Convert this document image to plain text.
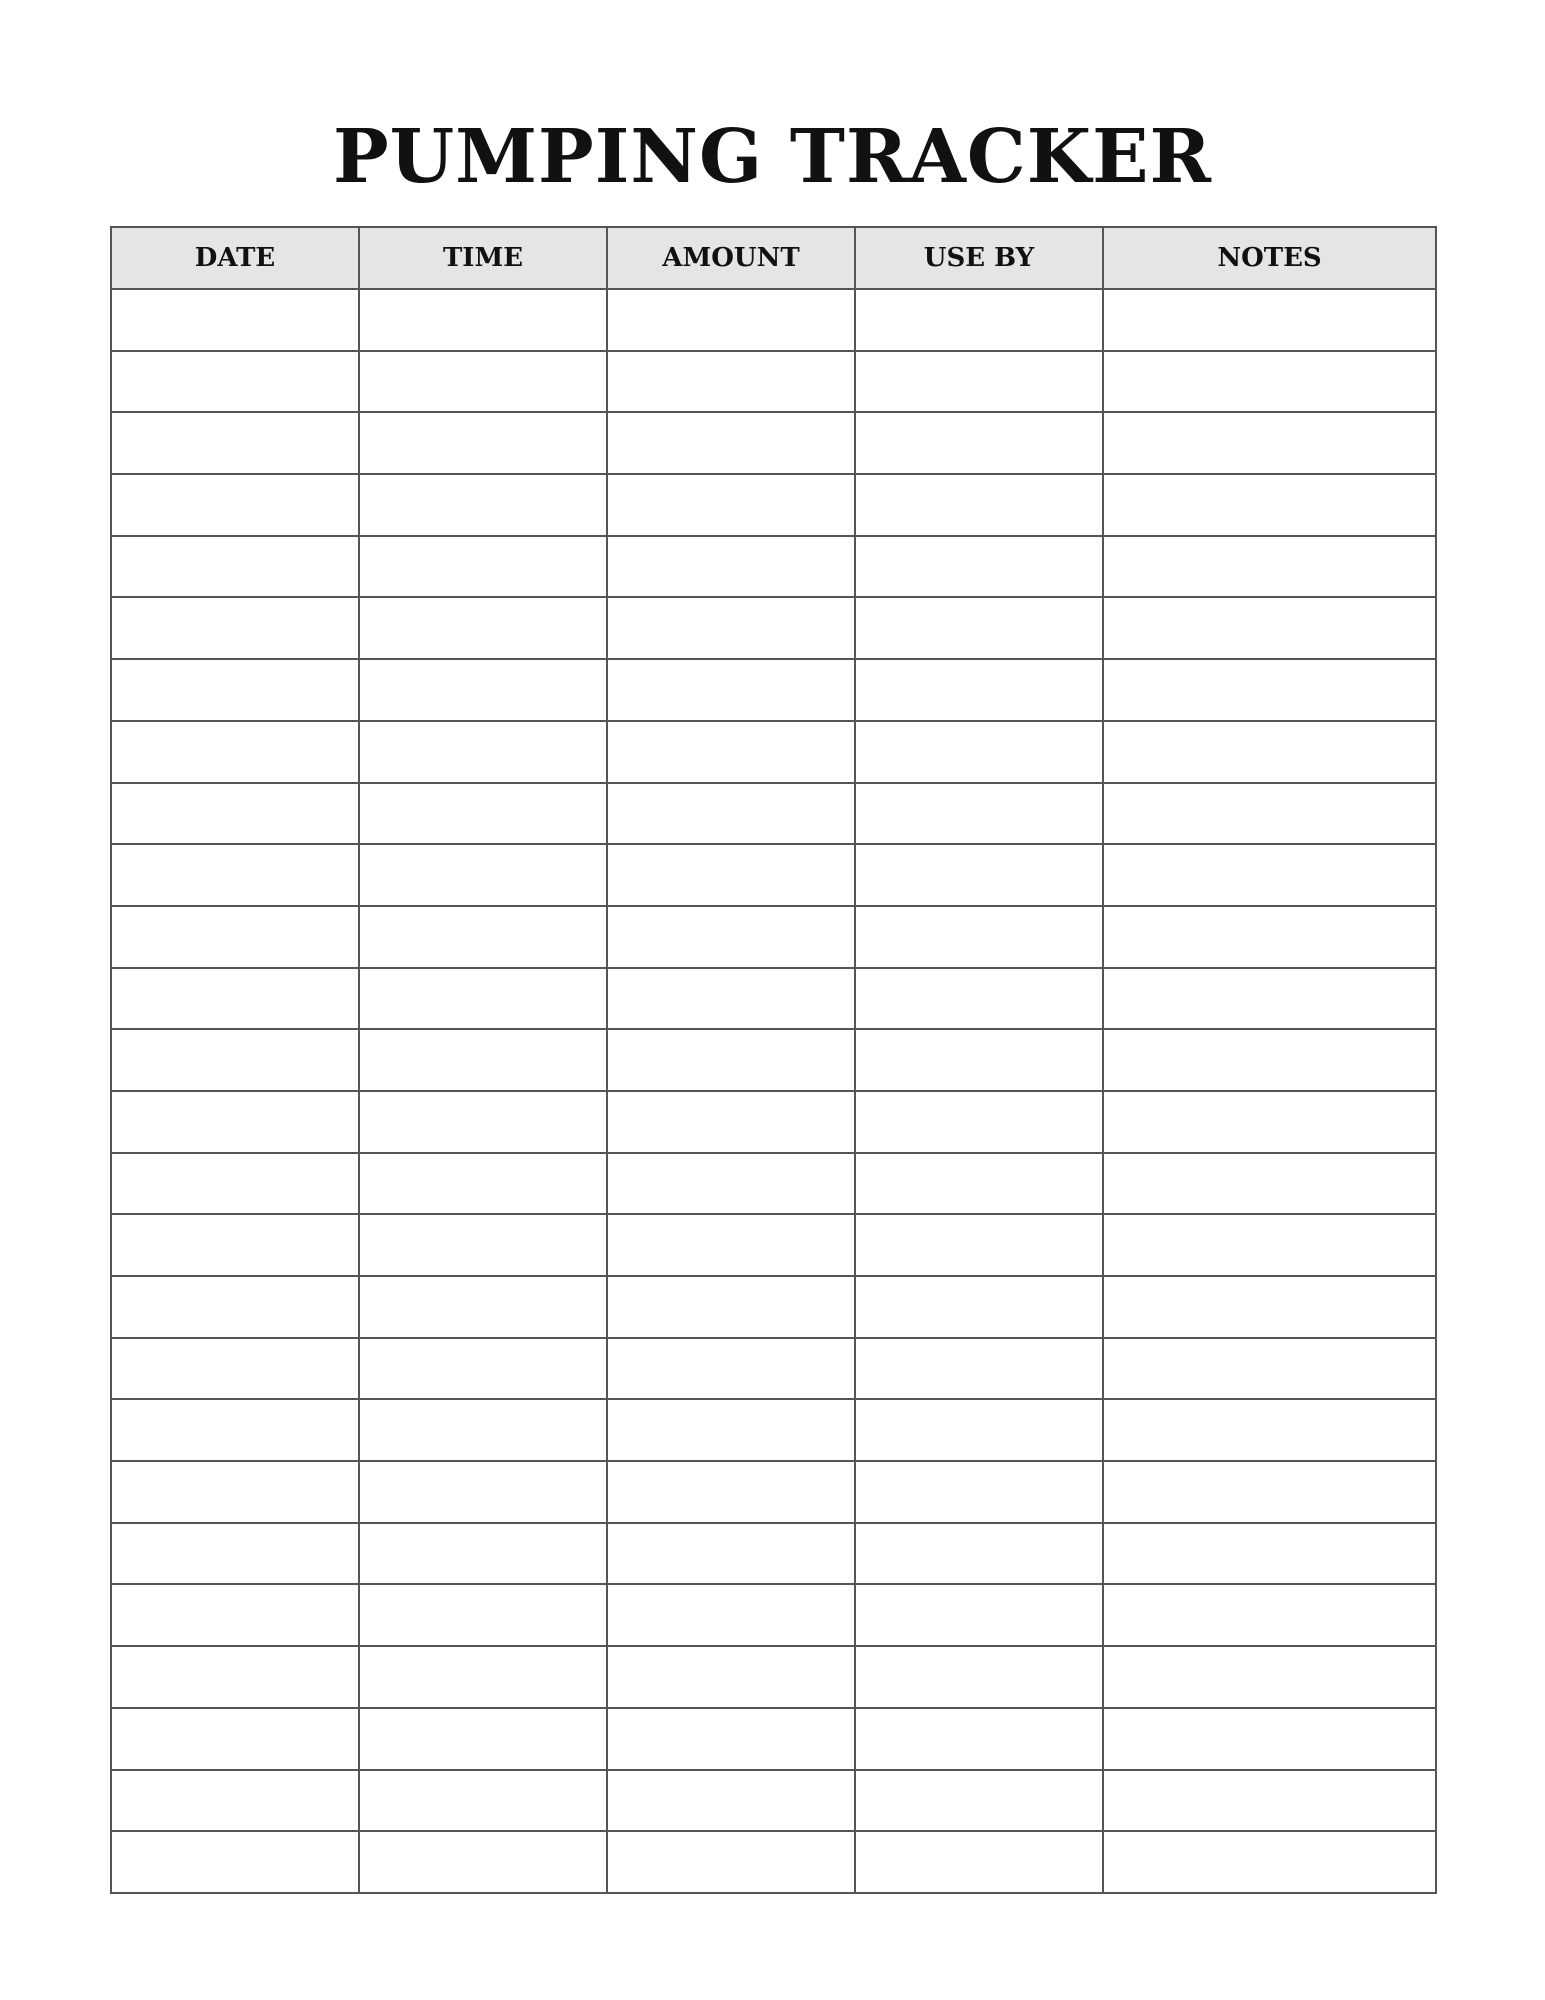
PUMPING TRACKER
DATE	TIME	AMOUNT	USE BY	NOTES
